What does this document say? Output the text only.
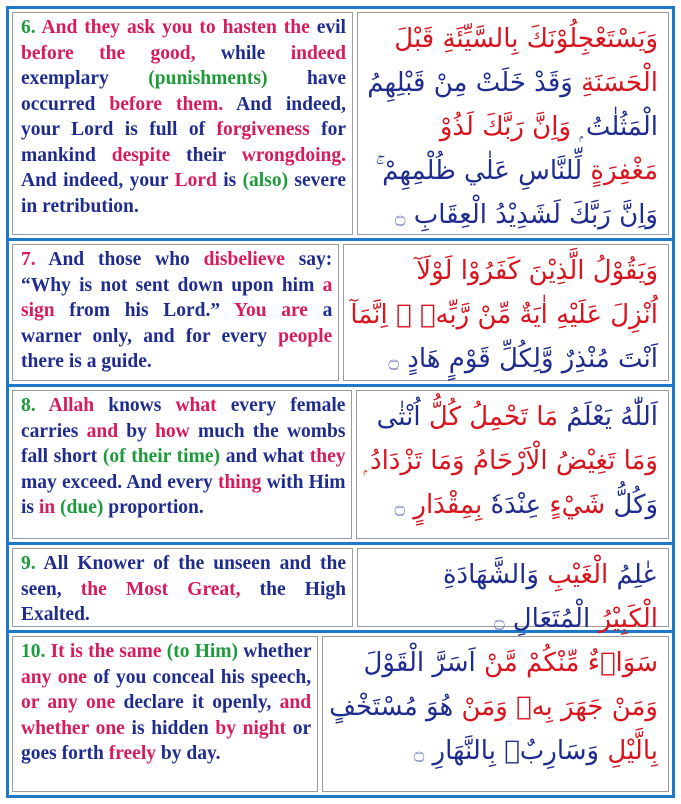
6. And they ask you to hasten the evil before the good, while indeed exemplary (punishments) have occurred before them. And indeed, your Lord is full of forgiveness for mankind despite their wrongdoing. And indeed, your Lord is (also) severe in retribution.
وَيَسْتَعْجِلُوْنَكَ بِالسَّيِّئَةِ قَبْلَ
الْحَسَنَةِ وَقَدْ خَلَتْ مِنْ قَبْلِهِمُ
الْمَثُلٰتُ ۭ وَاِنَّ رَبَّكَ لَذُوْ
مَغْفِرَةٍ لِّلنَّاسِ عَلٰي ظُلْمِهِمْ ۚ
وَاِنَّ رَبَّكَ لَشَدِيْدُ الْعِقَابِ ۝
7. And those who disbelieve say: “Why is not sent down upon him a sign from his Lord.” You are a warner only, and for every people there is a guide.
وَيَقُوْلُ الَّذِيْنَ كَفَرُوْا لَوْلَآ
اُنْزِلَ عَلَيْهِ اٰيَةٌ مِّنْ رَّبِّهٖ ۭ اِنَّمَآ
اَنْتَ مُنْذِرٌ وَّلِكُلِّ قَوْمٍ هَادٍ ۝
8. Allah knows what every female carries and by how much the wombs fall short (of their time) and what they may exceed. And every thing with Him is in (due) proportion.
اَللّٰهُ يَعْلَمُ مَا تَحْمِلُ كُلُّ اُنْثٰى
وَمَا تَغِيْضُ الْاَرْحَامُ وَمَا تَزْدَادُ ۭ
وَكُلُّ شَيْءٍ عِنْدَهٗ بِمِقْدَارٍ ۝
9. All Knower of the unseen and the seen, the Most Great, the High Exalted.
عٰلِمُ الْغَيْبِ وَالشَّهَادَةِ
الْكَبِيْرُ الْمُتَعَالِ ۝
10. It is the same (to Him) whether any one of you conceal his speech, or any one declare it openly, and whether one is hidden by night or goes forth freely by day.
سَوَاۗءٌ مِّنْكُمْ مَّنْ اَسَرَّ الْقَوْلَ
وَمَنْ جَهَرَ بِهٖ وَمَنْ هُوَ مُسْتَخْفٍ
بِالَّيْلِ وَسَارِبٌۢ بِالنَّهَارِ ۝
